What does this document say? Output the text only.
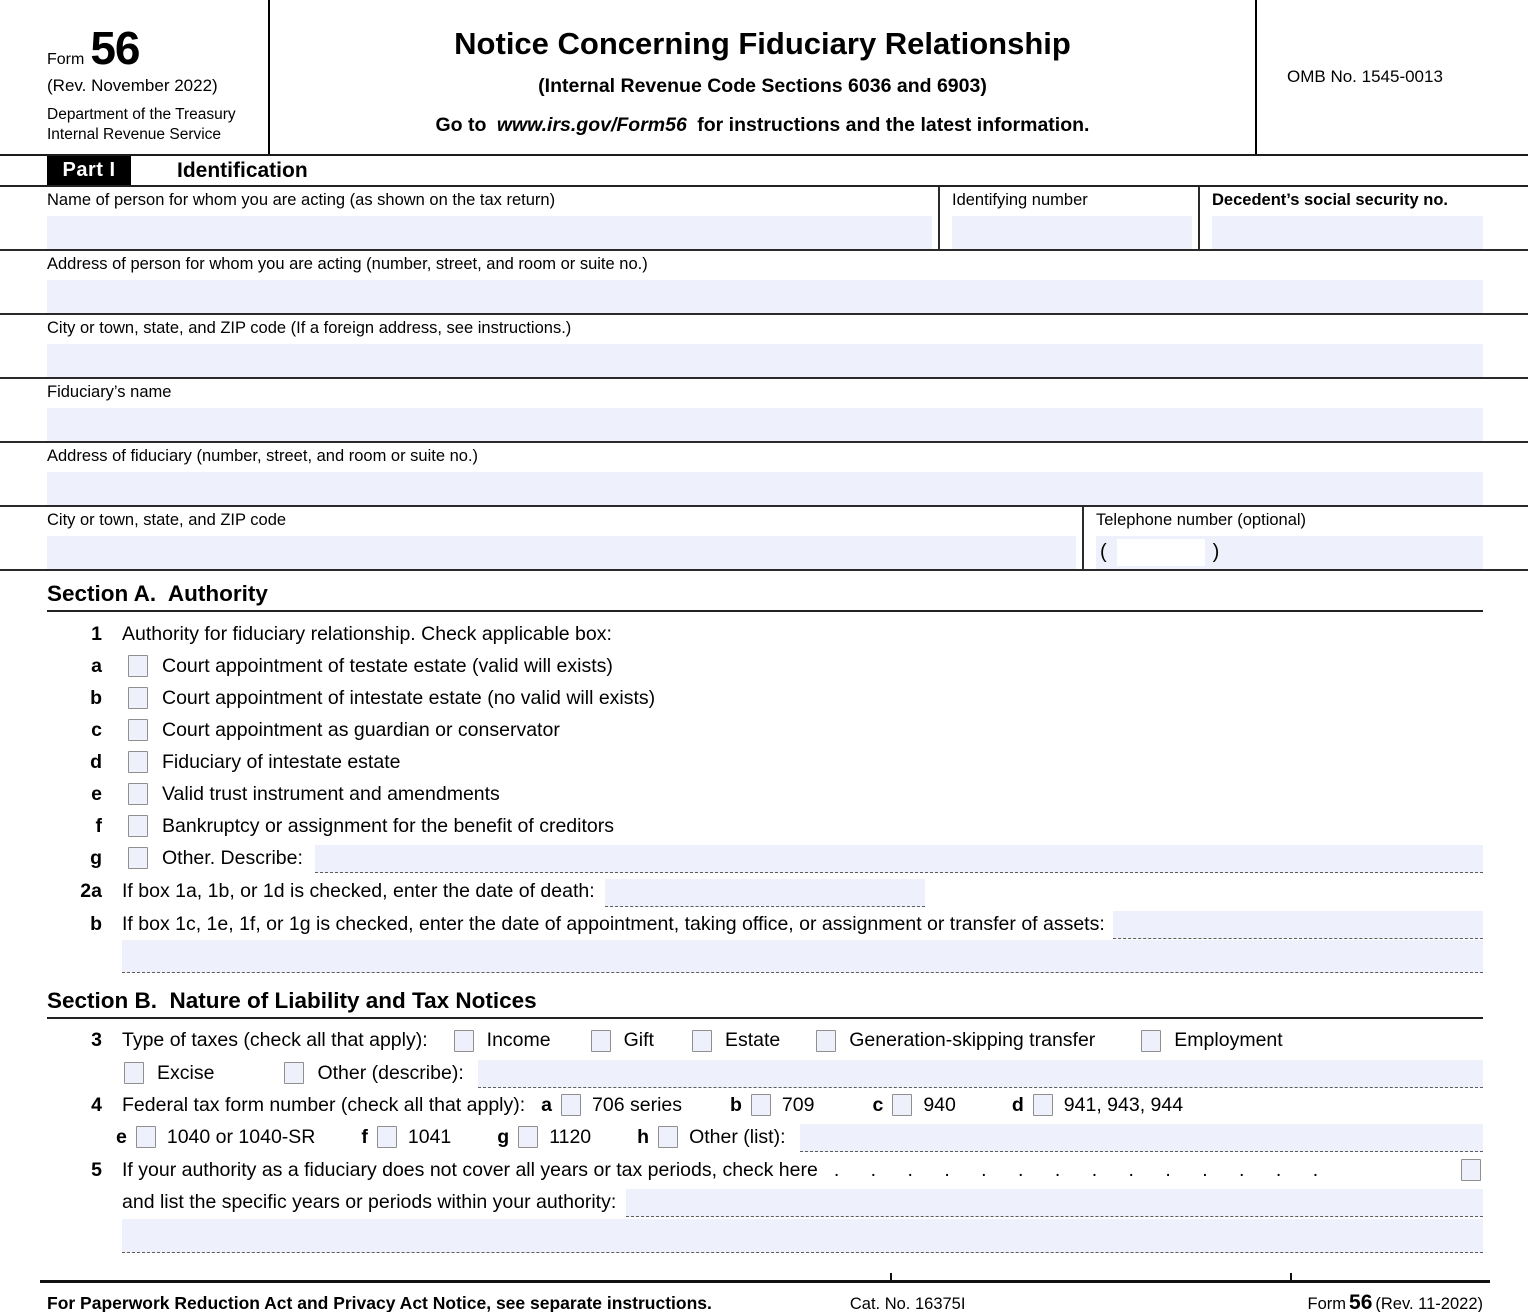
Form 56
(Rev. November 2022)
Department of the Treasury
Internal Revenue Service
Notice Concerning Fiduciary Relationship
(Internal Revenue Code Sections 6036 and 6903)
Go to www.irs.gov/Form56 for instructions and the latest information.
OMB No. 1545-0013
Part I	Identification
Name of person for whom you are acting (as shown on the tax return)	Identifying number	Decedent’s social security no.
Address of person for whom you are acting (number, street, and room or suite no.)
City or town, state, and ZIP code (If a foreign address, see instructions.)
Fiduciary’s name
Address of fiduciary (number, street, and room or suite no.)
City or town, state, and ZIP code	Telephone number (optional)
(	)
Section A.  Authority
1 Authority for fiduciary relationship. Check applicable box:
a	Court appointment of testate estate (valid will exists)
b	Court appointment of intestate estate (no valid will exists)
c	Court appointment as guardian or conservator
d	Fiduciary of intestate estate
e	Valid trust instrument and amendments
f	Bankruptcy or assignment for the benefit of creditors
g	Other. Describe:
2a If box 1a, 1b, or 1d is checked, enter the date of death:
b If box 1c, 1e, 1f, or 1g is checked, enter the date of appointment, taking office, or assignment or transfer of assets:
Section B.  Nature of Liability and Tax Notices
3 Type of taxes (check all that apply):	Income	Gift	Estate	Generation-skipping transfer	Employment
Excise	Other (describe):
4 Federal tax form number (check all that apply): a 706 series b 709	c 940	d 941, 943, 944
e 1040 or 1040-SR f 1041 g 1120 h Other (list):
5 If your authority as a fiduciary does not cover all years or tax periods, check here . . . . . . . . . . . . . .
and list the specific years or periods within your authority:
For Paperwork Reduction Act and Privacy Act Notice, see separate instructions.	Cat. No. 16375I	Form 56 (Rev. 11-2022)
